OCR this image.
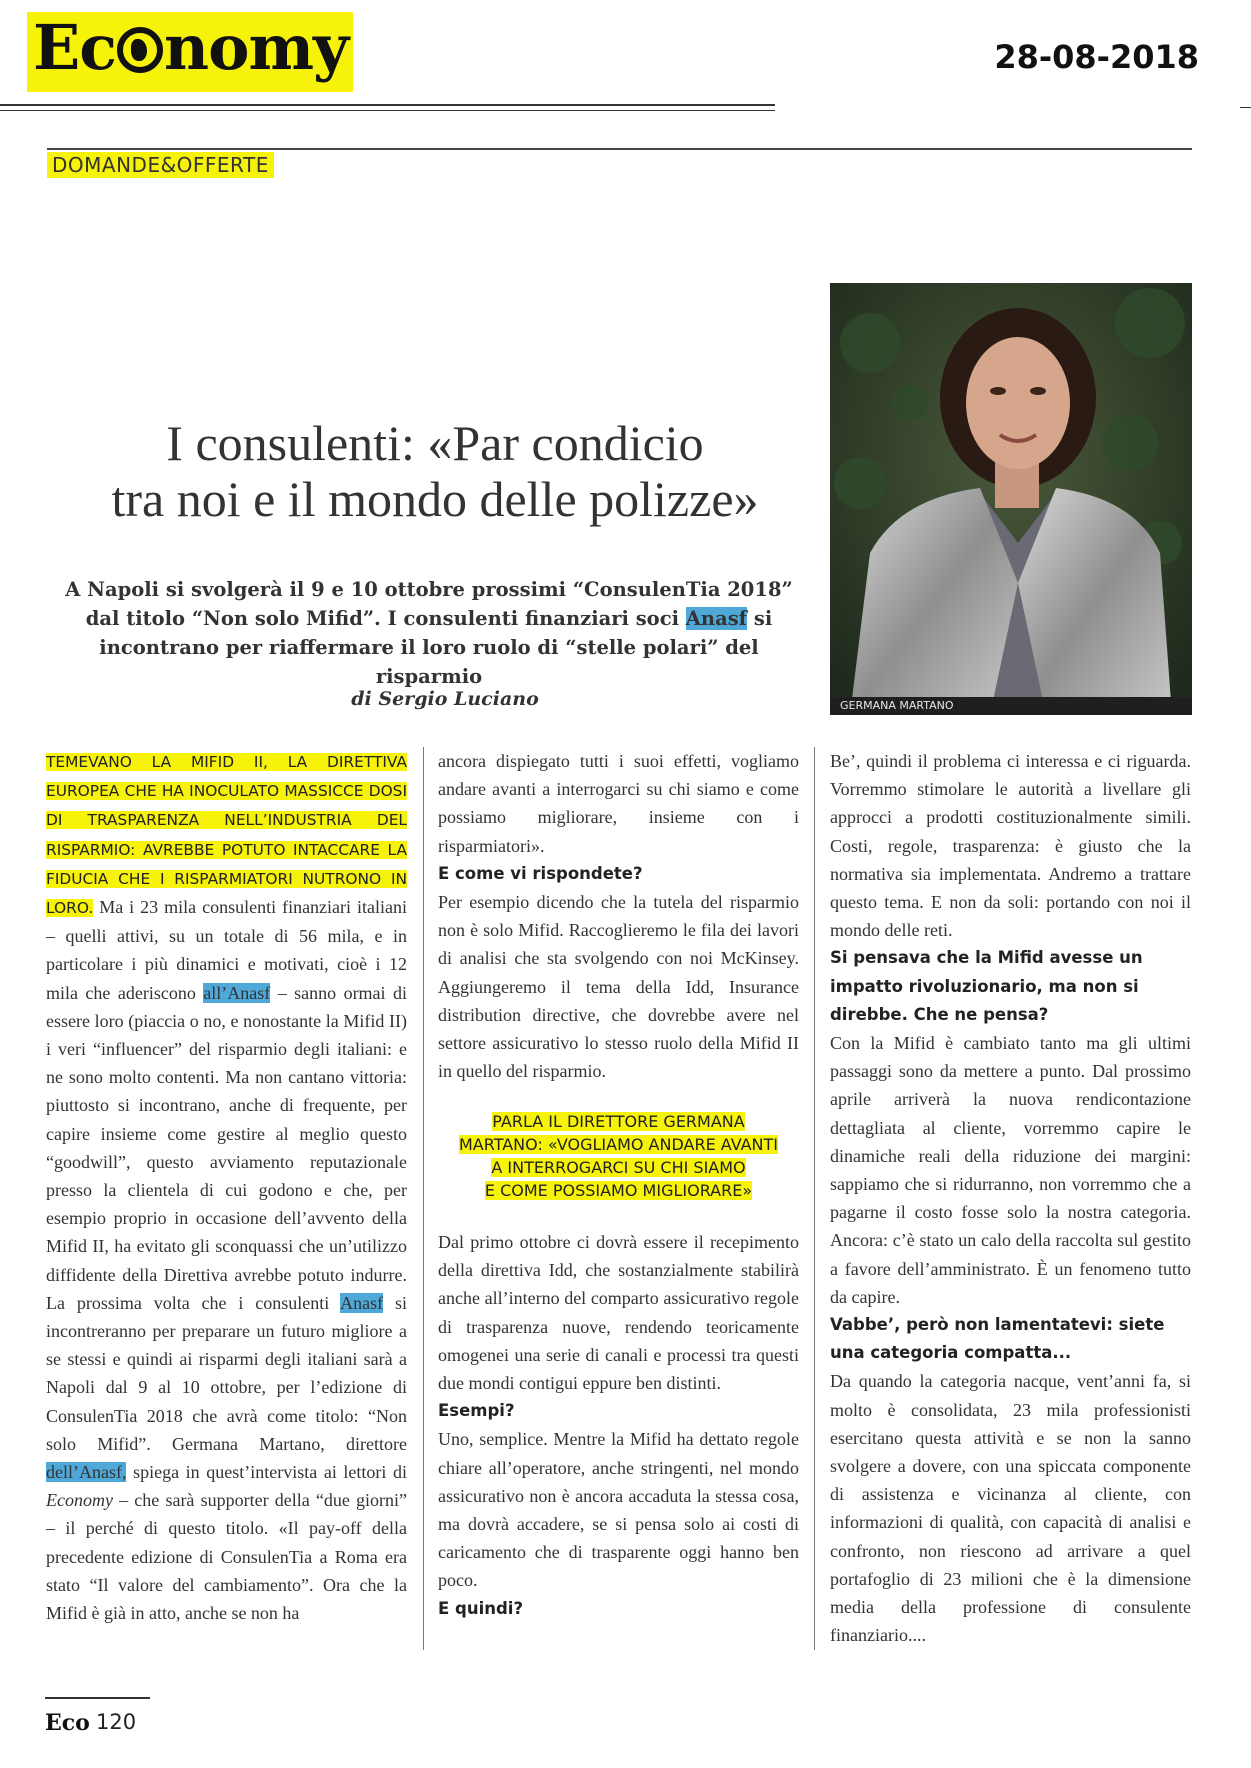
Ec nomy	28-08-2018
DOMANDE&OFFERTE
I consulenti: «Par condicio
tra noi e il mondo delle polizze»
A Napoli si svolgerà il 9 e 10 ottobre prossimi “ConsulenTia 2018”
dal titolo “Non solo Mifid”. I consulenti finanziari soci Anasf si
incontrano per riaffermare il loro ruolo di “stelle polari” del risparmio
di Sergio Luciano	GERMANA MARTANO

TEMEVANO LA MIFID II, LA DIRETTIVA EUROPEA CHE HA INOCULATO MASSICCE DOSI DI TRASPARENZA NELL’INDUSTRIA DEL RISPARMIO: AVREBBE POTUTO INTACCARE LA FIDUCIA CHE I RISPARMIATORI NUTRONO IN LORO. Ma i 23 mila consulenti finanziari italiani – quelli attivi, su un totale di 56 mila, e in particolare i più dinamici e motivati, cioè i 12 mila che aderiscono all’Anasf – sanno ormai di essere loro (piaccia o no, e nonostante la Mifid II) i veri “influencer” del risparmio degli italiani: e ne sono molto contenti. Ma non cantano vittoria: piuttosto si incontrano, anche di frequente, per capire insieme come gestire al meglio questo “goodwill”, questo avviamento reputazionale presso la clientela di cui godono e che, per esempio proprio in occasione dell’avvento della Mifid II, ha evitato gli sconquassi che un’utilizzo diffidente della Direttiva avrebbe potuto indurre. La prossima volta che i consulenti Anasf si incontreranno per preparare un futuro migliore a se stessi e quindi ai risparmi degli italiani sarà a Napoli dal 9 al 10 ottobre, per l’edizione di ConsulenTia 2018 che avrà come titolo: “Non solo Mifid”. Germana Martano, direttore dell’Anasf, spiega in quest’intervista ai lettori di Economy – che sarà supporter della “due giorni” – il perché di questo titolo. «Il pay-off della precedente edizione di ConsulenTia a Roma era stato “Il valore del cambiamento”. Ora che la Mifid è già in atto, anche se non ha

ancora dispiegato tutti i suoi effetti, vogliamo andare avanti a interrogarci su chi siamo e come possiamo migliorare, insieme con i risparmiatori».

E come vi rispondete?

Per esempio dicendo che la tutela del risparmio non è solo Mifid. Raccoglieremo le fila dei lavori di analisi che sta svolgendo con noi McKinsey. Aggiungeremo il tema della Idd, Insurance distribution directive, che dovrebbe avere nel settore assicurativo lo stesso ruolo della Mifid II in quello del risparmio.

PARLA IL DIRETTORE GERMANA
MARTANO: «VOGLIAMO ANDARE AVANTI
A INTERROGARCI SU CHI SIAMO
E COME POSSIAMO MIGLIORARE»

Dal primo ottobre ci dovrà essere il recepimento della direttiva Idd, che sostanzialmente stabilirà anche all’interno del comparto assicurativo regole di trasparenza nuove, rendendo teoricamente omogenei una serie di canali e processi tra questi due mondi contigui eppure ben distinti.

Esempi?

Uno, semplice. Mentre la Mifid ha dettato regole chiare all’operatore, anche stringenti, nel mondo assicurativo non è ancora accaduta la stessa cosa, ma dovrà accadere, se si pensa solo ai costi di caricamento che di trasparente oggi hanno ben poco.

E quindi?

Be’, quindi il problema ci interessa e ci riguarda. Vorremmo stimolare le autorità a livellare gli approcci a prodotti costituzionalmente simili. Costi, regole, trasparenza: è giusto che la normativa sia implementata. Andremo a trattare questo tema. E non da soli: portando con noi il mondo delle reti.

Si pensava che la Mifid avesse un impatto rivoluzionario, ma non si direbbe. Che ne pensa?

Con la Mifid è cambiato tanto ma gli ultimi passaggi sono da mettere a punto. Dal prossimo aprile arriverà la nuova rendicontazione dettagliata al cliente, vorremmo capire le dinamiche reali della riduzione dei margini: sappiamo che si ridurranno, non vorremmo che a pagarne il costo fosse solo la nostra categoria. Ancora: c’è stato un calo della raccolta sul gestito a favore dell’amministrato. È un fenomeno tutto da capire.

Vabbe’, però non lamentatevi: siete una categoria compatta...

Da quando la categoria nacque, vent’anni fa, si molto è consolidata, 23 mila professionisti esercitano questa attività e se non la sanno svolgere a dovere, con una spiccata componente di assistenza e vicinanza al cliente, con informazioni di qualità, con capacità di analisi e confronto, non riescono ad arrivare a quel portafoglio di 23 milioni che è la dimensione media della professione di consulente finanziario....

Eco 120
